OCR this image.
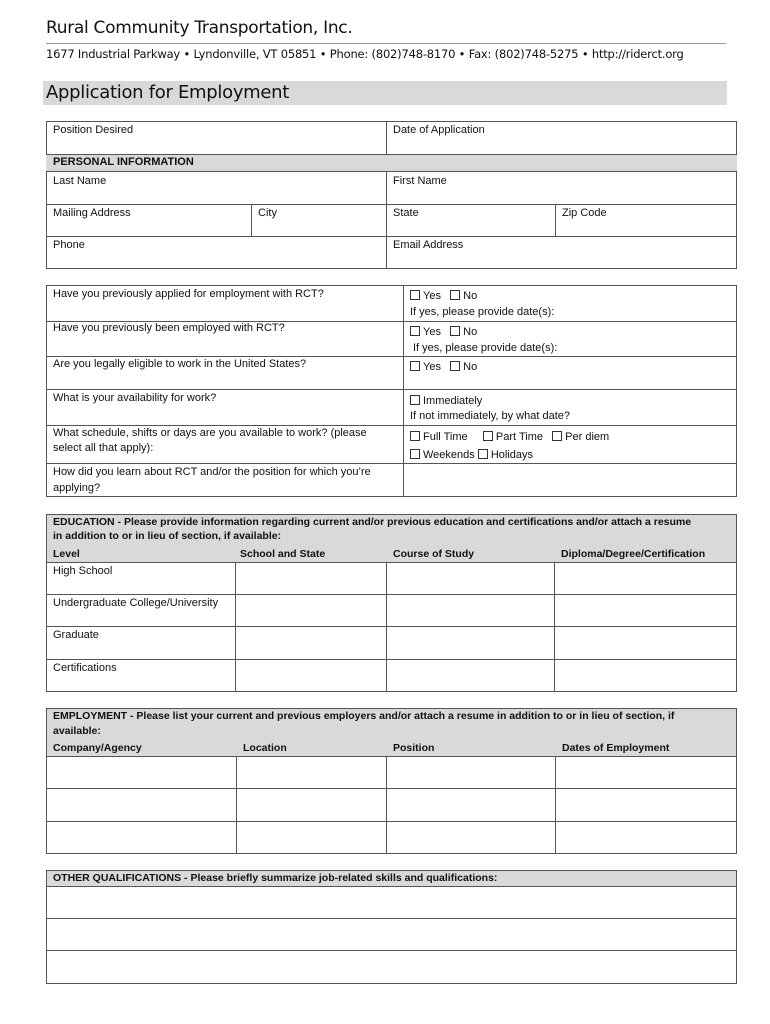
Rural Community Transportation, Inc.
1677 Industrial Parkway • Lyndonville, VT 05851 • Phone: (802)748-8170 • Fax: (802)748-5275 • http://riderct.org
Application for Employment
Position Desired	Date of Application
PERSONAL INFORMATION
Last Name	First Name
Mailing Address	City	State	Zip Code
Phone	Email Address
Have you previously applied for employment with RCT?	Yes No
If yes, please provide date(s):
Have you previously been employed with RCT?	Yes No
If yes, please provide date(s):
Are you legally eligible to work in the United States?	Yes No
What is your availability for work?	Immediately
If not immediately, by what date?
What schedule, shifts or days are you available to work? (please
select all that apply):
Full Time	Part Time Per diem
Weekends Holidays
How did you learn about RCT and/or the position for which you’re
applying?
EDUCATION - Please provide information regarding current and/or previous education and certifications and/or attach a resume
in addition to or in lieu of section, if available:
Level	School and State	Course of Study	Diploma/Degree/Certification
High School
Undergraduate College/University
Graduate
Certifications
EMPLOYMENT - Please list your current and previous employers and/or attach a resume in addition to or in lieu of section, if
available:
Company/Agency	Location	Position	Dates of Employment
OTHER QUALIFICATIONS - Please briefly summarize job-related skills and qualifications:
